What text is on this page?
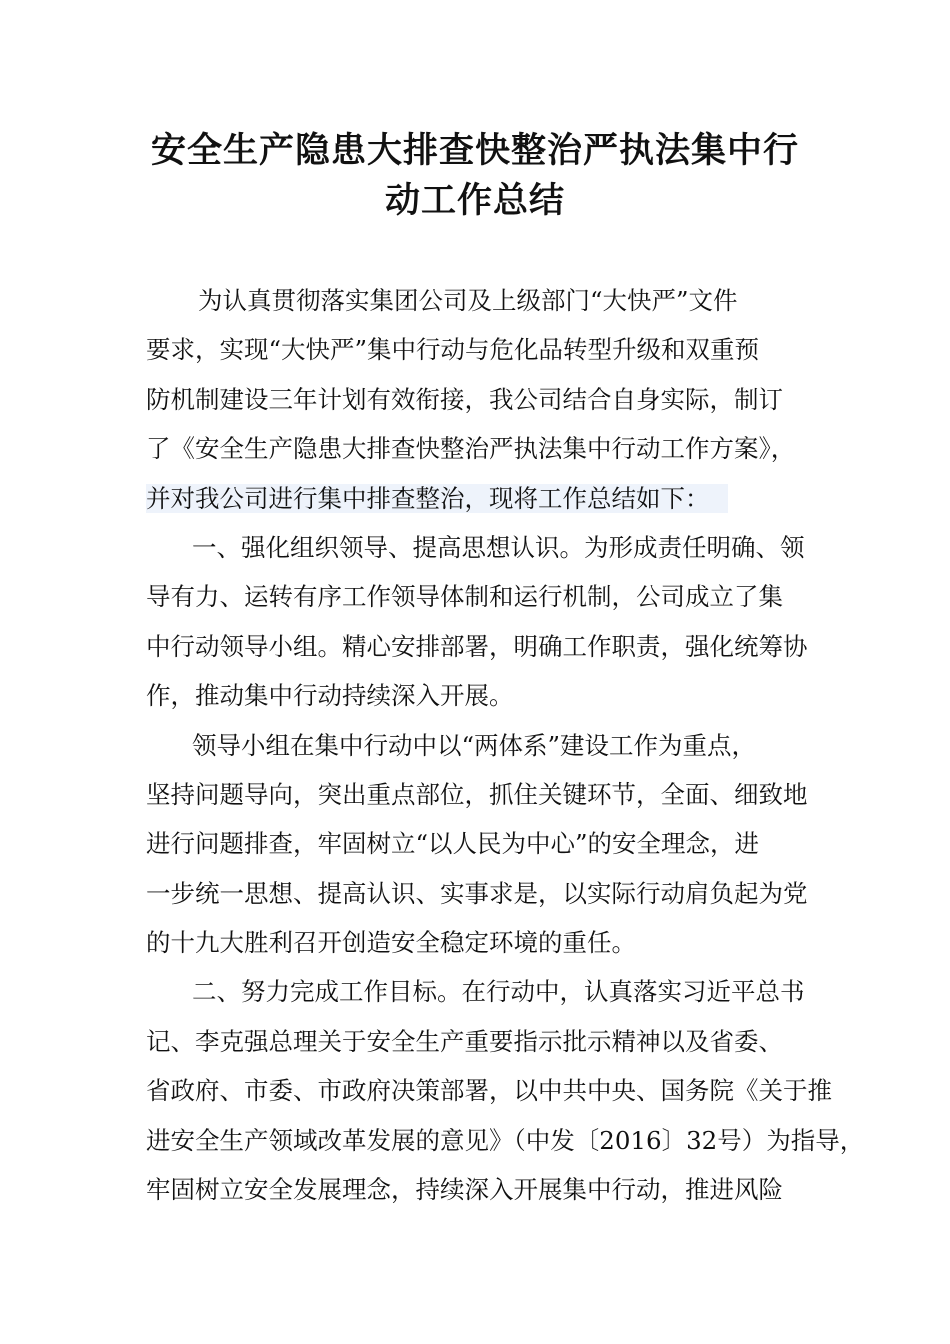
安全生产隐患大排查快整治严执法集中行
动工作总结
为认真贯彻落实集团公司及上级部门“大快严”文件
要求，实现“大快严”集中行动与危化品转型升级和双重预
防机制建设三年计划有效衔接，我公司结合自身实际，制订
了《安全生产隐患大排查快整治严执法集中行动工作方案》，
并对我公司进行集中排查整治，现将工作总结如下：
一、强化组织领导、提高思想认识。为形成责任明确、领
导有力、运转有序工作领导体制和运行机制，公司成立了集
中行动领导小组。精心安排部署，明确工作职责，强化统筹协
作，推动集中行动持续深入开展。
领导小组在集中行动中以“两体系”建设工作为重点，
坚持问题导向，突出重点部位，抓住关键环节，全面、细致地
进行问题排查，牢固树立“以人民为中心”的安全理念，进
一步统一思想、提高认识、实事求是，以实际行动肩负起为党
的十九大胜利召开创造安全稳定环境的重任。
二、努力完成工作目标。在行动中，认真落实习近平总书
记、李克强总理关于安全生产重要指示批示精神以及省委、
省政府、市委、市政府决策部署，以中共中央、国务院《关于推
进安全生产领域改革发展的意见》（中发〔2016〕32号）为指导，
牢固树立安全发展理念，持续深入开展集中行动，推进风险
